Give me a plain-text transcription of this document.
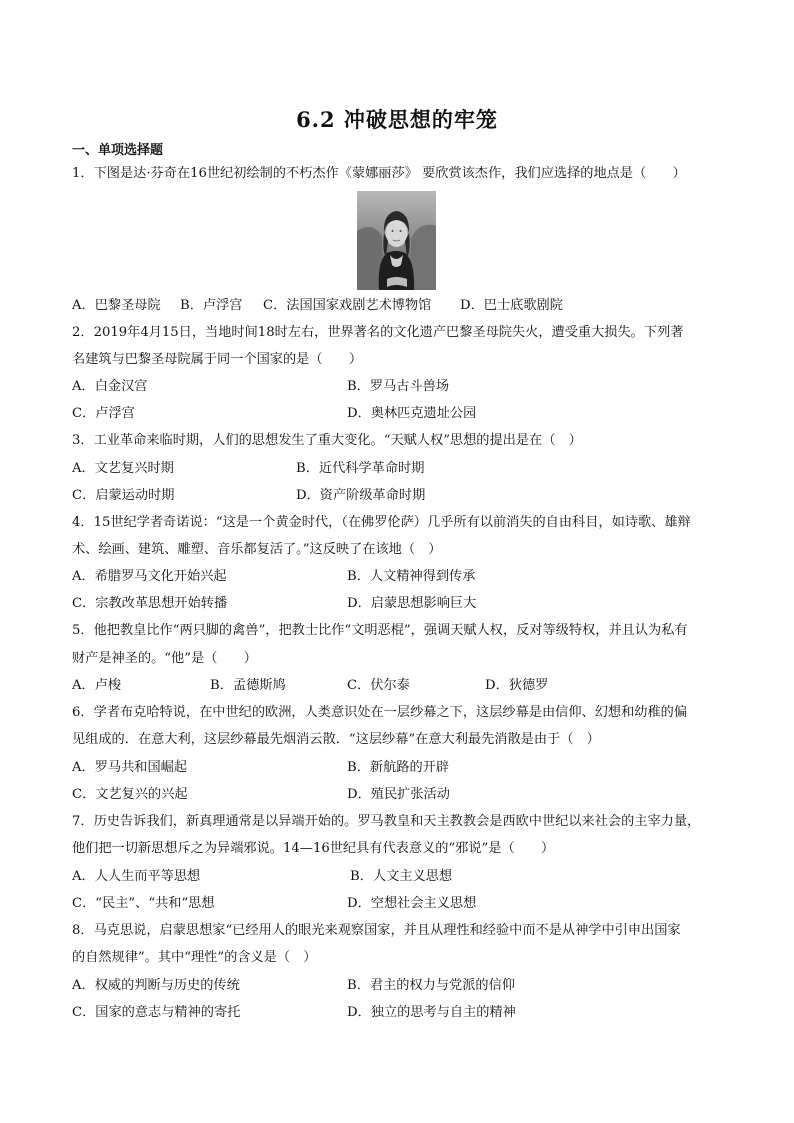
6.2 冲破思想的牢笼
一、单项选择题
1．下图是达·芬奇在16世纪初绘制的不朽杰作《蒙娜丽莎》 要欣赏该杰作，我们应选择的地点是（　　）
A．巴黎圣母院 B．卢浮宫 C．法国国家戏剧艺术博物馆 D．巴士底歌剧院
2．2019年4月15日，当地时间18时左右，世界著名的文化遗产巴黎圣母院失火，遭受重大损失。下列著
名建筑与巴黎圣母院属于同一个国家的是（　　）
A．白金汉宫	B．罗马古斗兽场
C．卢浮宫	D．奥林匹克遗址公园
3．工业革命来临时期，人们的思想发生了重大变化。“天赋人权”思想的提出是在（　）
A．文艺复兴时期	B．近代科学革命时期
C．启蒙运动时期	D．资产阶级革命时期
4．15世纪学者奇诺说：“这是一个黄金时代，（在佛罗伦萨）几乎所有以前消失的自由科目，如诗歌、雄辩
术、绘画、建筑、雕塑、音乐都复活了。”这反映了在该地（　）
A．希腊罗马文化开始兴起	B．人文精神得到传承
C．宗教改革思想开始转播	D．启蒙思想影响巨大
5．他把教皇比作“两只脚的禽兽”，把教士比作“文明恶棍”，强调天赋人权，反对等级特权，并且认为私有
财产是神圣的。“他”是（　　）
A．卢梭	B．孟德斯鸠	C．伏尔泰	D．狄德罗
6．学者布克哈特说，在中世纪的欧洲，人类意识处在一层纱幕之下，这层纱幕是由信仰、幻想和幼稚的偏
见组成的．在意大利，这层纱幕最先烟消云散．“这层纱幕”在意大利最先消散是由于（　）
A．罗马共和国崛起	B．新航路的开辟
C．文艺复兴的兴起	D．殖民扩张活动
7．历史告诉我们，新真理通常是以异端开始的。罗马教皇和天主教教会是西欧中世纪以来社会的主宰力量，
他们把一切新思想斥之为异端邪说。14—16世纪具有代表意义的“邪说”是（　　）
A．人人生而平等思想	B．人文主义思想
C．“民主”、“共和”思想	D．空想社会主义思想
8．马克思说，启蒙思想家“已经用人的眼光来观察国家，并且从理性和经验中而不是从神学中引申出国家
的自然规律”。其中“理性”的含义是（　）
A．权威的判断与历史的传统	B．君主的权力与党派的信仰
C．国家的意志与精神的寄托	D．独立的思考与自主的精神
